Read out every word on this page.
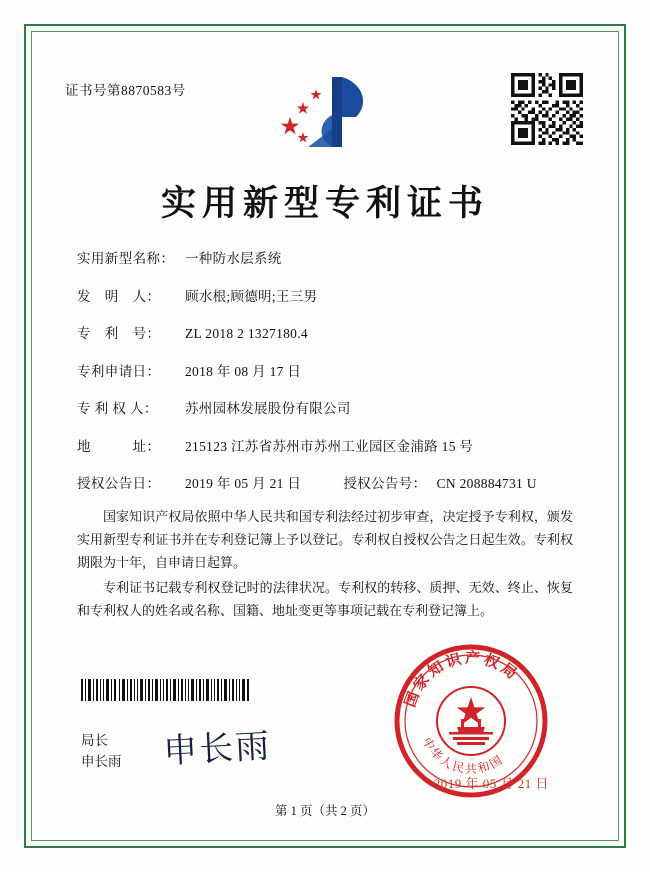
证书号第8870583号
实用新型专利证书
实用新型名称： 一种防水层系统
发　明　人：	顾水根;顾德明;王三男
专　利　号：	ZL 2018 2 1327180.4
专利申请日：	2018 年 08 月 17 日
专 利 权 人：	苏州园林发展股份有限公司
地　　　址：	215123 江苏省苏州市苏州工业园区金浦路 15 号
授权公告日：	2019 年 05 月 21 日	授权公告号： CN 208884731 U

国家知识产权局依照中华人民共和国专利法经过初步审查，决定授予专利权，颁发实用新型专利证书并在专利登记簿上予以登记。专利权自授权公告之日起生效。专利权期限为十年，自申请日起算。

专利证书记载专利权登记时的法律状况。专利权的转移、质押、无效、终止、恢复和专利权人的姓名或名称、国籍、地址变更等事项记载在专利登记簿上。

局长
申长雨 申长雨
国家知识产权局
中华人民共和国
2019 年 05 月 21 日
第 1 页（共 2 页）
